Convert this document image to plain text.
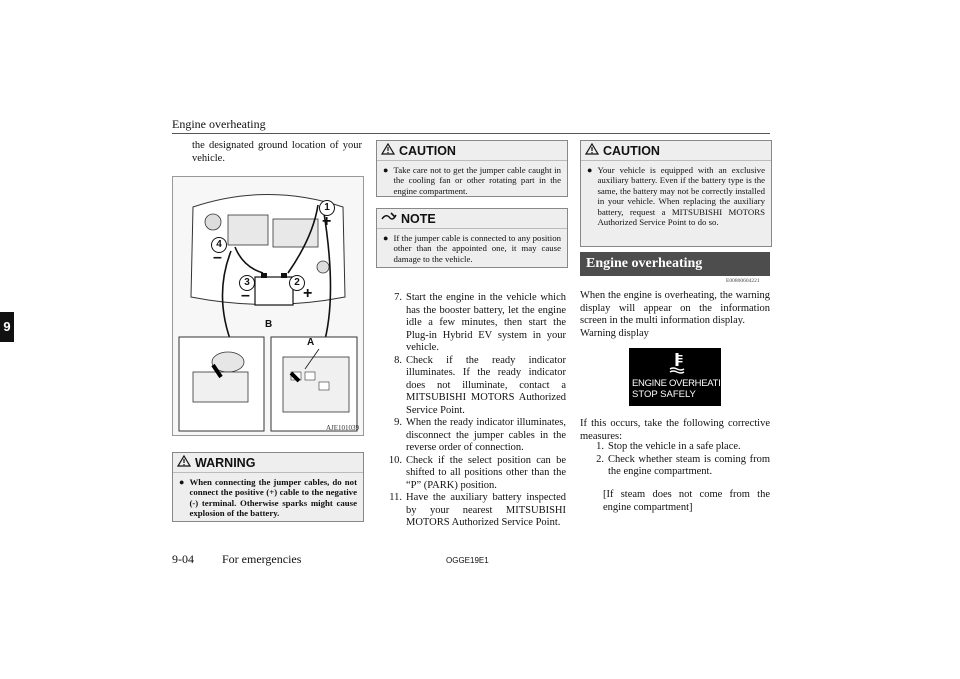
Engine overheating
9
the designated ground location of your vehicle.
1
2
3
4
+
–	+
–
A
B
AJE101039
WARNING
● When connecting the jumper cables, do not connect the positive (+) cable to the negative (-) terminal. Otherwise sparks might cause explosion of the battery.
CAUTION
● Take care not to get the jumper cable caught in the cooling fan or other rotating part in the engine compartment.
NOTE
● If the jumper cable is connected to any position other than the appointed one, it may cause damage to the vehicle.
7. Start the engine in the vehicle which has the booster battery, let the engine idle a few minutes, then start the Plug-in Hybrid EV system in your vehicle.
8. Check if the ready indicator illuminates. If the ready indicator does not illuminate, contact a MITSUBISHI MOTORS Authorized Service Point.
9. When the ready indicator illuminates, disconnect the jumper cables in the reverse order of connection.
10. Check if the select position can be shifted to all positions other than the “P” (PARK) position.
11. Have the auxiliary battery inspected by your nearest MITSUBISHI MOTORS Authorized Service Point.
CAUTION
● Your vehicle is equipped with an exclusive auxiliary battery. Even if the battery type is the same, the battery may not be correctly installed in your vehicle. When replacing the auxiliary battery, request a MITSUBISHI MOTORS Authorized Service Point to do so.
Engine overheating
E00800604221
When the engine is overheating, the warning display will appear on the information screen in the multi information display.
Warning display
ENGINE OVERHEATING
STOP SAFELY
If this occurs, take the following corrective measures:
1. Stop the vehicle in a safe place.
2. Check whether steam is coming from the engine compartment.
[If steam does not come from the engine compartment]
9-04 For emergencies	OGGE19E1
